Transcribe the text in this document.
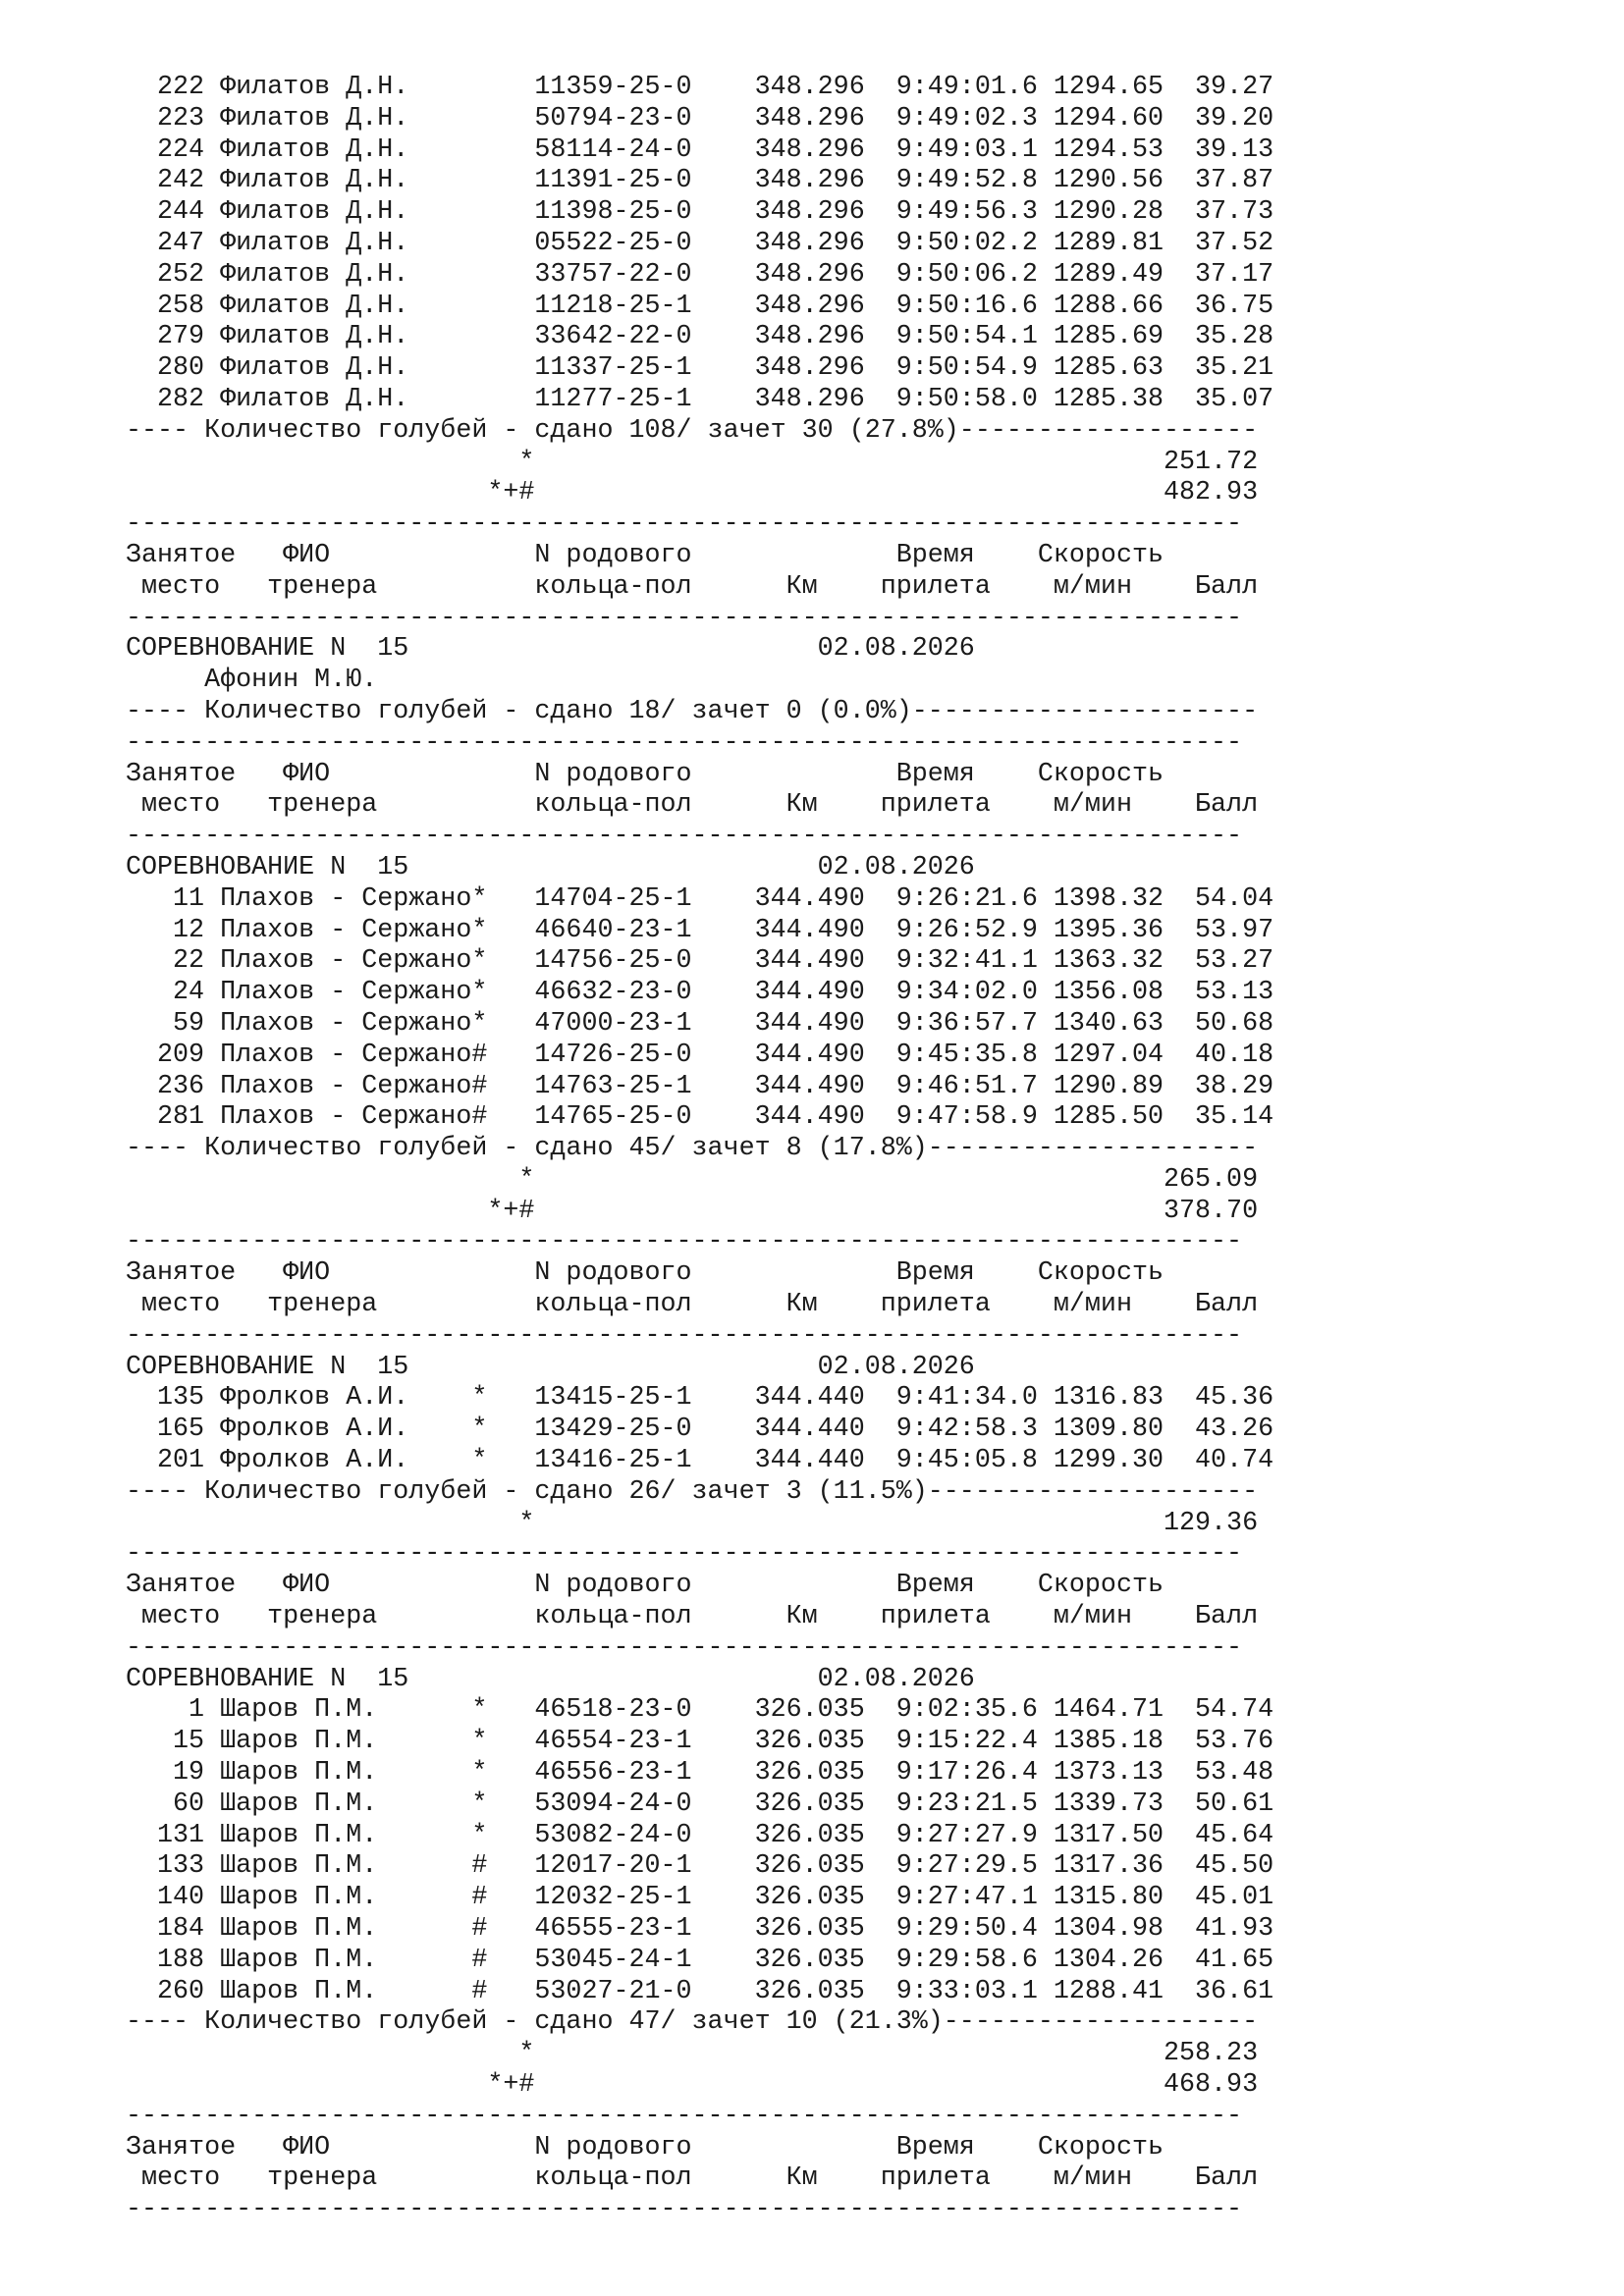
222 Филатов Д.Н.        11359-25-0    348.296  9:49:01.6 1294.65  39.27
223 Филатов Д.Н.        50794-23-0    348.296  9:49:02.3 1294.60  39.20
224 Филатов Д.Н.        58114-24-0    348.296  9:49:03.1 1294.53  39.13
242 Филатов Д.Н.        11391-25-0    348.296  9:49:52.8 1290.56  37.87
244 Филатов Д.Н.        11398-25-0    348.296  9:49:56.3 1290.28  37.73
247 Филатов Д.Н.        05522-25-0    348.296  9:50:02.2 1289.81  37.52
252 Филатов Д.Н.        33757-22-0    348.296  9:50:06.2 1289.49  37.17
258 Филатов Д.Н.        11218-25-1    348.296  9:50:16.6 1288.66  36.75
279 Филатов Д.Н.        33642-22-0    348.296  9:50:54.1 1285.69  35.28
280 Филатов Д.Н.        11337-25-1    348.296  9:50:54.9 1285.63  35.21
282 Филатов Д.Н.        11277-25-1    348.296  9:50:58.0 1285.38  35.07
---- Количество голубей - сдано 108/ зачет 30 (27.8%)-------------------
*                                        251.72
*+#                                        482.93
-----------------------------------------------------------------------
Занятое   ФИО             N родового             Время    Скорость
место   тренера          кольца-пол      Км    прилета    м/мин    Балл
-----------------------------------------------------------------------
СОРЕВНОВАНИЕ N  15                          02.08.2026
Афонин М.Ю.
---- Количество голубей - сдано 18/ зачет 0 (0.0%)----------------------
-----------------------------------------------------------------------
Занятое   ФИО             N родового             Время    Скорость
место   тренера          кольца-пол      Км    прилета    м/мин    Балл
-----------------------------------------------------------------------
СОРЕВНОВАНИЕ N  15                          02.08.2026
11 Плахов - Сержано*   14704-25-1    344.490  9:26:21.6 1398.32  54.04
12 Плахов - Сержано*   46640-23-1    344.490  9:26:52.9 1395.36  53.97
22 Плахов - Сержано*   14756-25-0    344.490  9:32:41.1 1363.32  53.27
24 Плахов - Сержано*   46632-23-0    344.490  9:34:02.0 1356.08  53.13
59 Плахов - Сержано*   47000-23-1    344.490  9:36:57.7 1340.63  50.68
209 Плахов - Сержано#   14726-25-0    344.490  9:45:35.8 1297.04  40.18
236 Плахов - Сержано#   14763-25-1    344.490  9:46:51.7 1290.89  38.29
281 Плахов - Сержано#   14765-25-0    344.490  9:47:58.9 1285.50  35.14
---- Количество голубей - сдано 45/ зачет 8 (17.8%)---------------------
*                                        265.09
*+#                                        378.70
-----------------------------------------------------------------------
Занятое   ФИО             N родового             Время    Скорость
место   тренера          кольца-пол      Км    прилета    м/мин    Балл
-----------------------------------------------------------------------
СОРЕВНОВАНИЕ N  15                          02.08.2026
135 Фролков А.И.    *   13415-25-1    344.440  9:41:34.0 1316.83  45.36
165 Фролков А.И.    *   13429-25-0    344.440  9:42:58.3 1309.80  43.26
201 Фролков А.И.    *   13416-25-1    344.440  9:45:05.8 1299.30  40.74
---- Количество голубей - сдано 26/ зачет 3 (11.5%)---------------------
*                                        129.36
-----------------------------------------------------------------------
Занятое   ФИО             N родового             Время    Скорость
место   тренера          кольца-пол      Км    прилета    м/мин    Балл
-----------------------------------------------------------------------
СОРЕВНОВАНИЕ N  15                          02.08.2026
1 Шаров П.М.      *   46518-23-0    326.035  9:02:35.6 1464.71  54.74
15 Шаров П.М.      *   46554-23-1    326.035  9:15:22.4 1385.18  53.76
19 Шаров П.М.      *   46556-23-1    326.035  9:17:26.4 1373.13  53.48
60 Шаров П.М.      *   53094-24-0    326.035  9:23:21.5 1339.73  50.61
131 Шаров П.М.      *   53082-24-0    326.035  9:27:27.9 1317.50  45.64
133 Шаров П.М.      #   12017-20-1    326.035  9:27:29.5 1317.36  45.50
140 Шаров П.М.      #   12032-25-1    326.035  9:27:47.1 1315.80  45.01
184 Шаров П.М.      #   46555-23-1    326.035  9:29:50.4 1304.98  41.93
188 Шаров П.М.      #   53045-24-1    326.035  9:29:58.6 1304.26  41.65
260 Шаров П.М.      #   53027-21-0    326.035  9:33:03.1 1288.41  36.61
---- Количество голубей - сдано 47/ зачет 10 (21.3%)--------------------
*                                        258.23
*+#                                        468.93
-----------------------------------------------------------------------
Занятое   ФИО             N родового             Время    Скорость
место   тренера          кольца-пол      Км    прилета    м/мин    Балл
-----------------------------------------------------------------------
